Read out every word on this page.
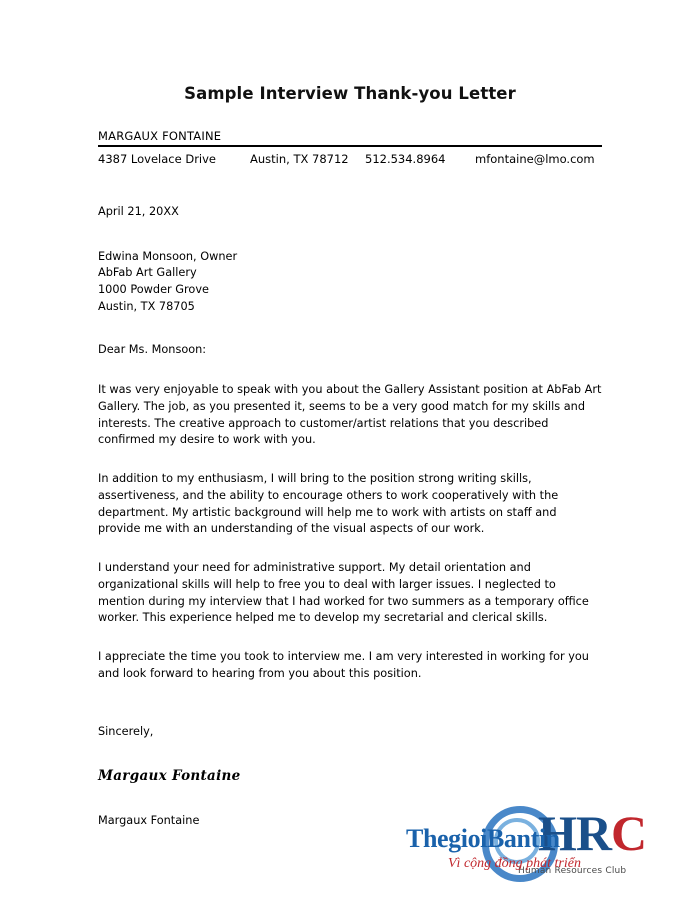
Sample Interview Thank-you Letter
MARGAUX FONTAINE
4387 Lovelace Drive	Austin, TX 78712	512.534.8964	mfontaine@lmo.com
April 21, 20XX
Edwina Monsoon, Owner
AbFab Art Gallery
1000 Powder Grove
Austin, TX 78705
Dear Ms. Monsoon:

It was very enjoyable to speak with you about the Gallery Assistant position at AbFab Art Gallery. The job, as you presented it, seems to be a very good match for my skills and interests. The creative approach to customer/artist relations that you described confirmed my desire to work with you.

In addition to my enthusiasm, I will bring to the position strong writing skills, assertiveness, and the ability to encourage others to work cooperatively with the department. My artistic background will help me to work with artists on staff and provide me with an understanding of the visual aspects of our work.

I understand your need for administrative support. My detail orientation and organizational skills will help to free you to deal with larger issues. I neglected to mention during my interview that I had worked for two summers as a temporary office worker. This experience helped me to develop my secretarial and clerical skills.

I appreciate the time you took to interview me. I am very interested in working for you and look forward to hearing from you about this position.

Sincerely,
Margaux Fontaine
Margaux Fontaine	HRC
Human Resources Club
ThegioiBantin
Vì cộng đồng phát triển
